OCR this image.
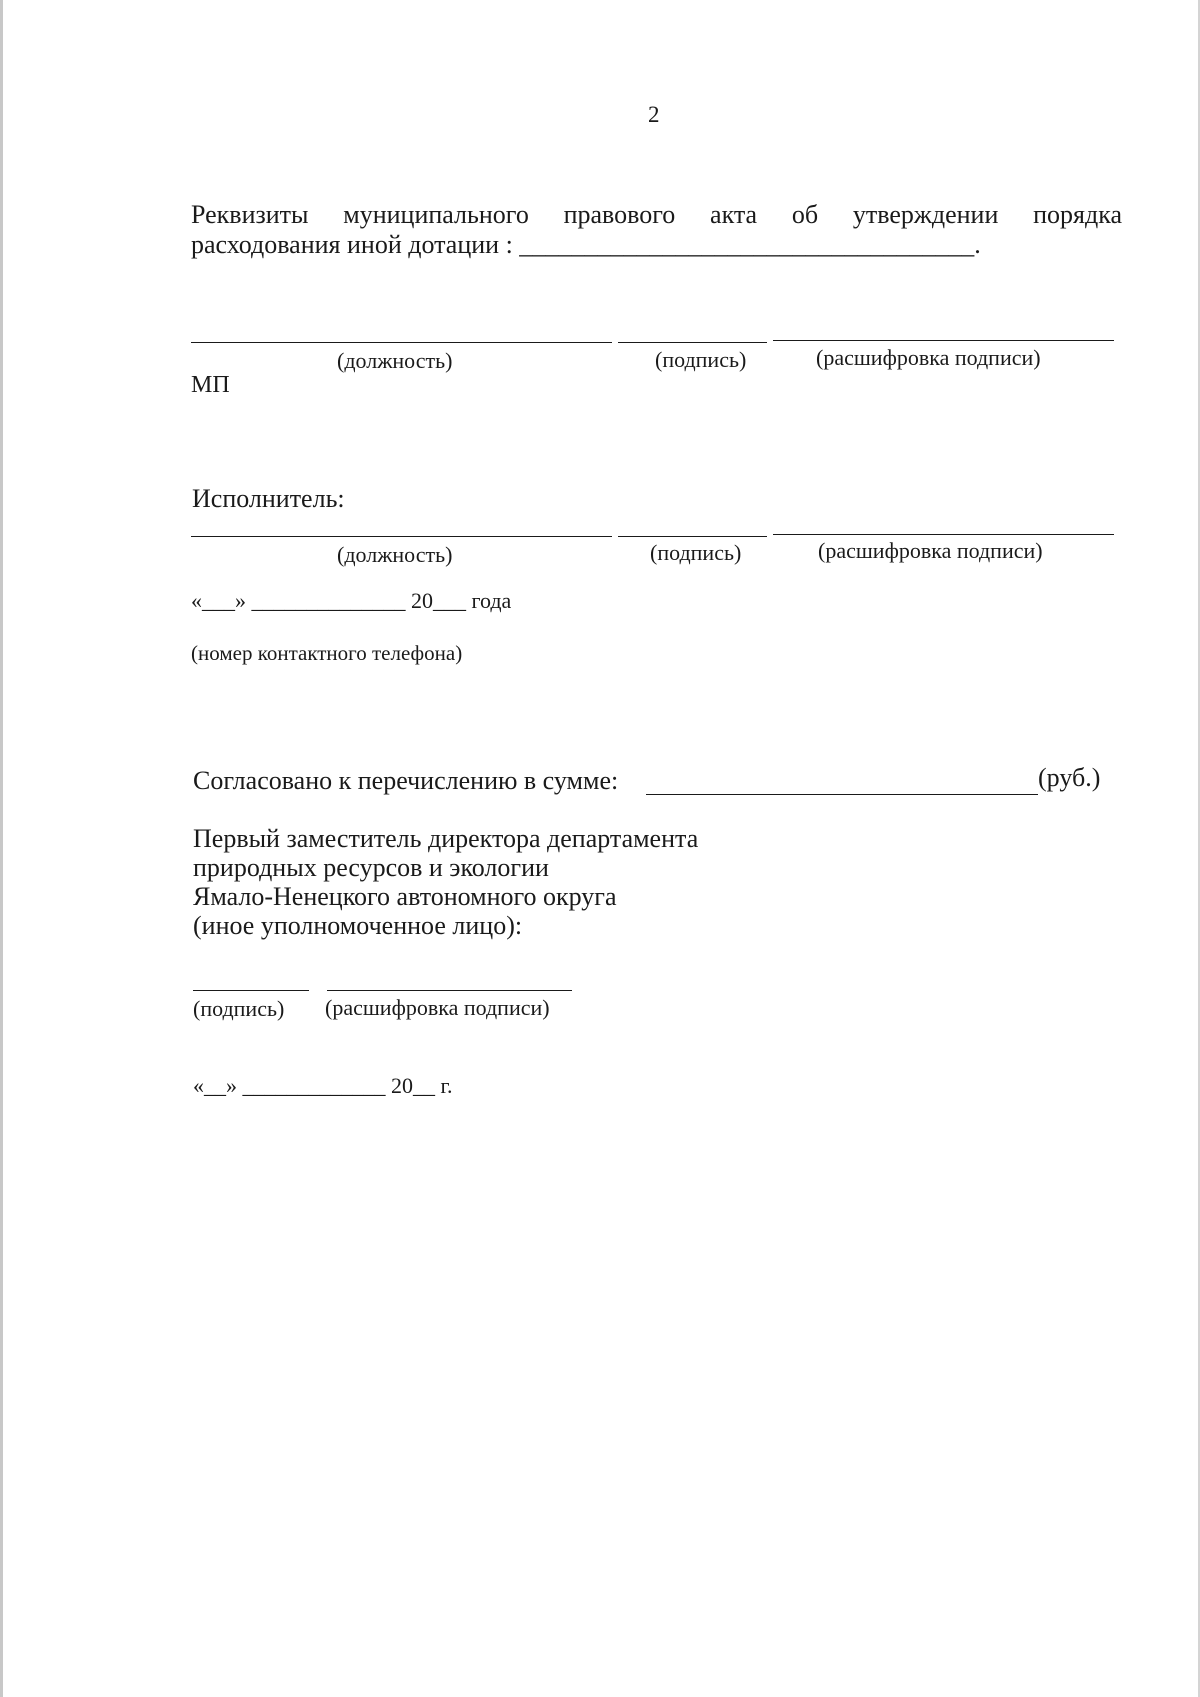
2
Реквизиты муниципального правового акта об утверждении порядка
расходования иной дотации : ___________________________________.
(должность)	(подпись)	(расшифровка подписи)
МП
Исполнитель:
(должность)	(подпись)	(расшифровка подписи)
«___» ______________ 20___ года
(номер контактного телефона)
Согласовано к перечислению в сумме:	(руб.)
Первый заместитель директора департамента
природных ресурсов и экологии
Ямало-Ненецкого автономного округа
(иное уполномоченное лицо):
(подпись) (расшифровка подписи)
«__» _____________ 20__ г.
